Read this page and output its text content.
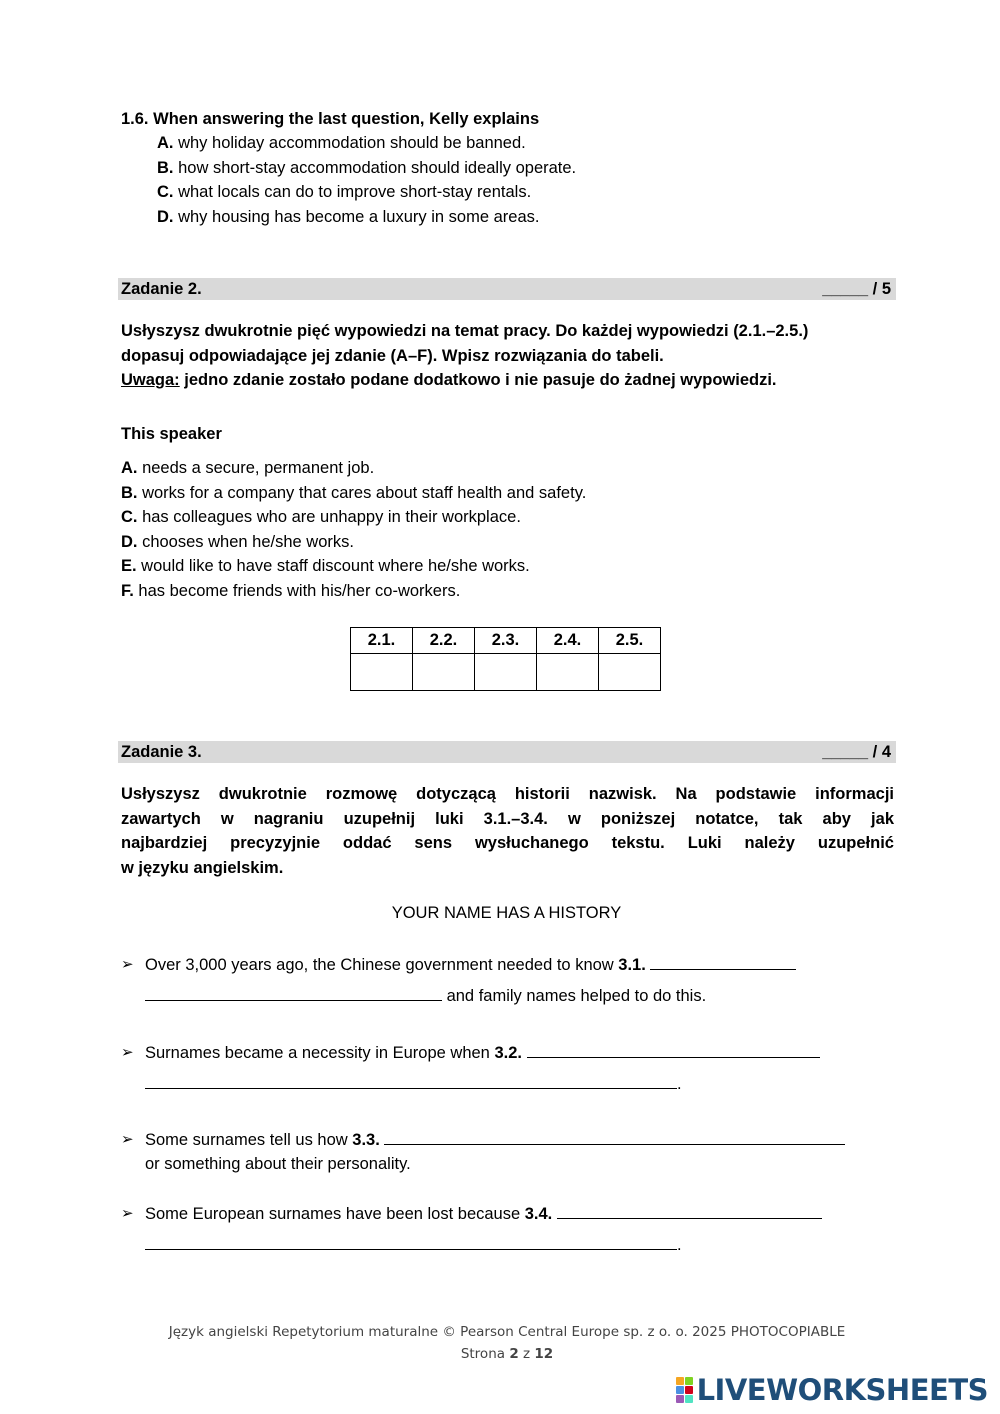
1.6. When answering the last question, Kelly explains
A. why holiday accommodation should be banned.
B. how short-stay accommodation should ideally operate.
C. what locals can do to improve short-stay rentals.
D. why housing has become a luxury in some areas.
Zadanie 2.	_____ / 5
Usłyszysz dwukrotnie pięć wypowiedzi na temat pracy. Do każdej wypowiedzi (2.1.–2.5.)
dopasuj odpowiadające jej zdanie (A–F). Wpisz rozwiązania do tabeli.
Uwaga: jedno zdanie zostało podane dodatkowo i nie pasuje do żadnej wypowiedzi.
This speaker
A. needs a secure, permanent job.
B. works for a company that cares about staff health and safety.
C. has colleagues who are unhappy in their workplace.
D. chooses when he/she works.
E. would like to have staff discount where he/she works.
F. has become friends with his/her co-workers.
2.1.	2.2.	2.3.	2.4.	2.5.

Zadanie 3.	_____ / 4
Usłyszysz dwukrotnie rozmowę dotyczącą historii nazwisk. Na podstawie informacji
zawartych w nagraniu uzupełnij luki 3.1.–3.4. w poniższej notatce, tak aby jak
najbardziej precyzyjnie oddać sens wysłuchanego tekstu. Luki należy uzupełnić
w języku angielskim.
YOUR NAME HAS A HISTORY
➢ Over 3,000 years ago, the Chinese government needed to know 3.1.
and family names helped to do this.
➢ Surnames became a necessity in Europe when 3.2.
.
➢ Some surnames tell us how 3.3.
or something about their personality.
➢ Some European surnames have been lost because 3.4.
.
Język angielski Repetytorium maturalne © Pearson Central Europe sp. z o. o. 2025 PHOTOCOPIABLE
Strona 2 z 12
LIVEWORKSHEETS
